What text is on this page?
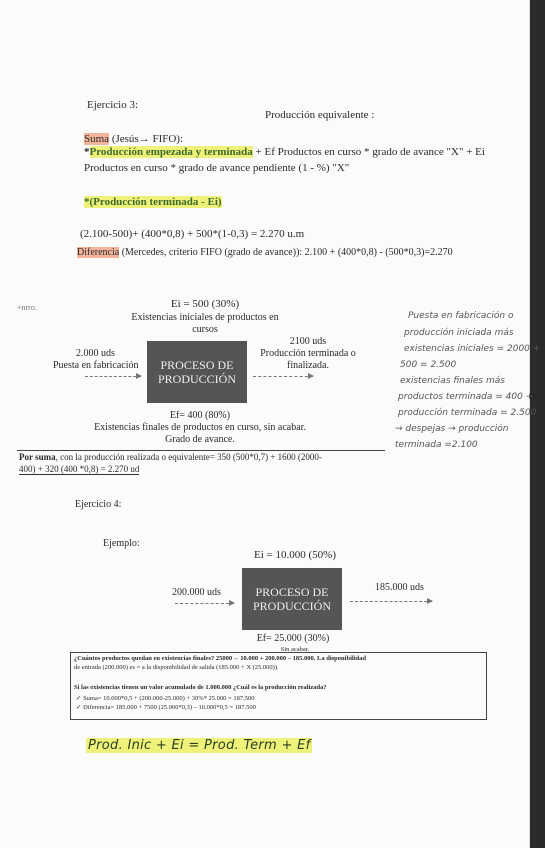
Ejercicio 3:
Producción equivalente :
Suma (Jesús→ FIFO):
*Producción empezada y terminada + Ef Productos en curso * grado de avance "X" + Ei
Productos en curso * grado de avance pendiente (1 - %) "X"
*(Producción terminada - Ei)
(2.100-500)+ (400*0,8) + 500*(1-0,3) = 2.270 u.m
Diferencia (Mercedes, criterio FIFO (grado de avance)): 2.100 + (400*0,8) - (500*0,3)=2.270
+nrro.	Ei = 500 (30%)
Existencias iniciales de productos en
cursos
2.000 uds
Puesta en fabricación PROCESO DE
PRODUCCIÓN
2100 uds
Producción terminada o
finalizada.
Ef= 400 (80%)
Existencias finales de productos en curso, sin acabar.
Grado de avance.
Por suma, con la producción realizada o equivalente= 350 (500*0,7) + 1600 (2000-
400) + 320 (400 *0,8) = 2.270 ud
Puesta en fabricación o
producción iniciada más
existencias iniciales = 2000 +
500 = 2.500
existencias finales más
productos terminada = 400 +
producción terminada = 2.500
→ despejas → producción
terminada =2.100
Ejercicio 4:
Ejemplo:
Ei = 10.000 (50%)
200.000 uds	PROCESO DE
PRODUCCIÓN
185.000 uds
Ef= 25.000 (30%)
Sin acabar.
¿Cuántos productos quedan en existencias finales? 25000→ 10.000 + 200.000 – 185.000. La disponibilidad
de entrada (200.000) es = a la disponibilidad de salida (185.000 + X (25.000)).
Si las existencias tienen un valor acumulado de 1.000.000 ¿Cuál es la producción realizada?
✓ Suma= 10.000*0,5 + (200.000-25.000) + 30%* 25.000 = 187.500
✓ Diferencia= 185.000 + 7500 (25.000*0,3) – 10.000*0,5 = 187.500
Prod. Inic + Ei = Prod. Term + Ef
